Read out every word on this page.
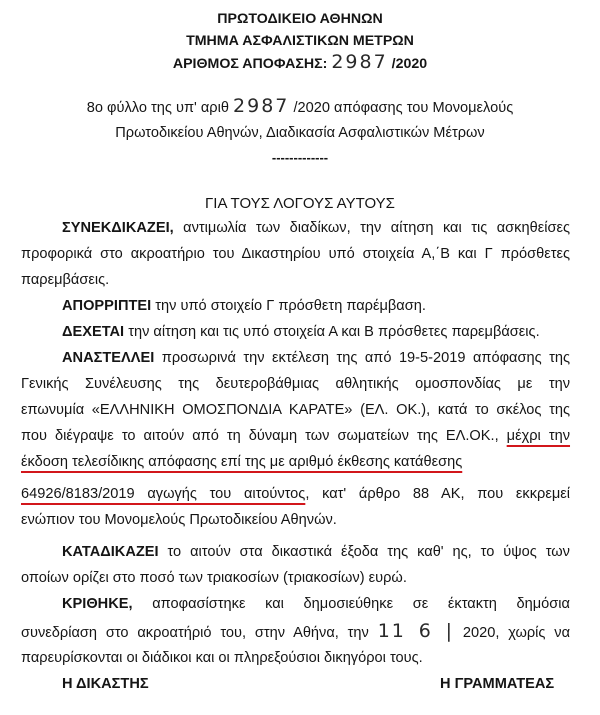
ΠΡΩΤΟΔΙΚΕΙΟ ΑΘΗΝΩΝ
ΤΜΗΜΑ ΑΣΦΑΛΙΣΤΙΚΩΝ ΜΕΤΡΩΝ
ΑΡΙΘΜΟΣ ΑΠΟΦΑΣΗΣ: 2987 /2020
8ο φύλλο της υπ' αριθ 2987 /2020 απόφασης του Μονομελούς
Πρωτοδικείου Αθηνών, Διαδικασία Ασφαλιστικών Μέτρων
-------------
ΓΙΑ ΤΟΥΣ ΛΟΓΟΥΣ ΑΥΤΟΥΣ
ΣΥΝΕΚΔΙΚΑΖΕΙ, αντιμωλία των διαδίκων, την αίτηση και τις ασκηθείσες
προφορικά στο ακροατήριο του Δικαστηρίου υπό στοιχεία Α,΄Β και Γ πρόσθετες
παρεμβάσεις.
ΑΠΟΡΡΙΠΤΕΙ την υπό στοιχείο Γ πρόσθετη παρέμβαση.
ΔΕΧΕΤΑΙ την αίτηση και τις υπό στοιχεία Α και Β πρόσθετες παρεμβάσεις.
ΑΝΑΣΤΕΛΛΕΙ προσωρινά την εκτέλεση της από 19-5-2019 απόφασης της
Γενικής Συνέλευσης της δευτεροβάθμιας αθλητικής ομοσπονδίας με την
επωνυμία «ΕΛΛΗΝΙΚΗ ΟΜΟΣΠΟΝΔΙΑ ΚΑΡΑΤΕ» (ΕΛ. ΟΚ.), κατά το σκέλος της
που διέγραψε το αιτούν από τη δύναμη των σωματείων της ΕΛ.ΟΚ., μέχρι την
έκδοση τελεσίδικης απόφασης επί της με αριθμό έκθεσης κατάθεσης
64926/8183/2019 αγωγής του αιτούντος, κατ' άρθρο 88 ΑΚ, που εκκρεμεί
ενώπιον του Μονομελούς Πρωτοδικείου Αθηνών.
ΚΑΤΑΔΙΚΑΖΕΙ το αιτούν στα δικαστικά έξοδα της καθ' ης, το ύψος των
οποίων ορίζει στο ποσό των τριακοσίων (τριακοσίων) ευρώ.
ΚΡΙΘΗΚΕ, αποφασίστηκε και δημοσιεύθηκε σε έκτακτη δημόσια
συνεδρίαση στο ακροατήριό του, στην Αθήνα, την 11 6 | 2020, χωρίς να
παρευρίσκονται οι διάδικοι και οι πληρεξούσιοι δικηγόροι τους.
Η ΔΙΚΑΣΤΗΣ	Η ΓΡΑΜΜΑΤΕΑΣ
